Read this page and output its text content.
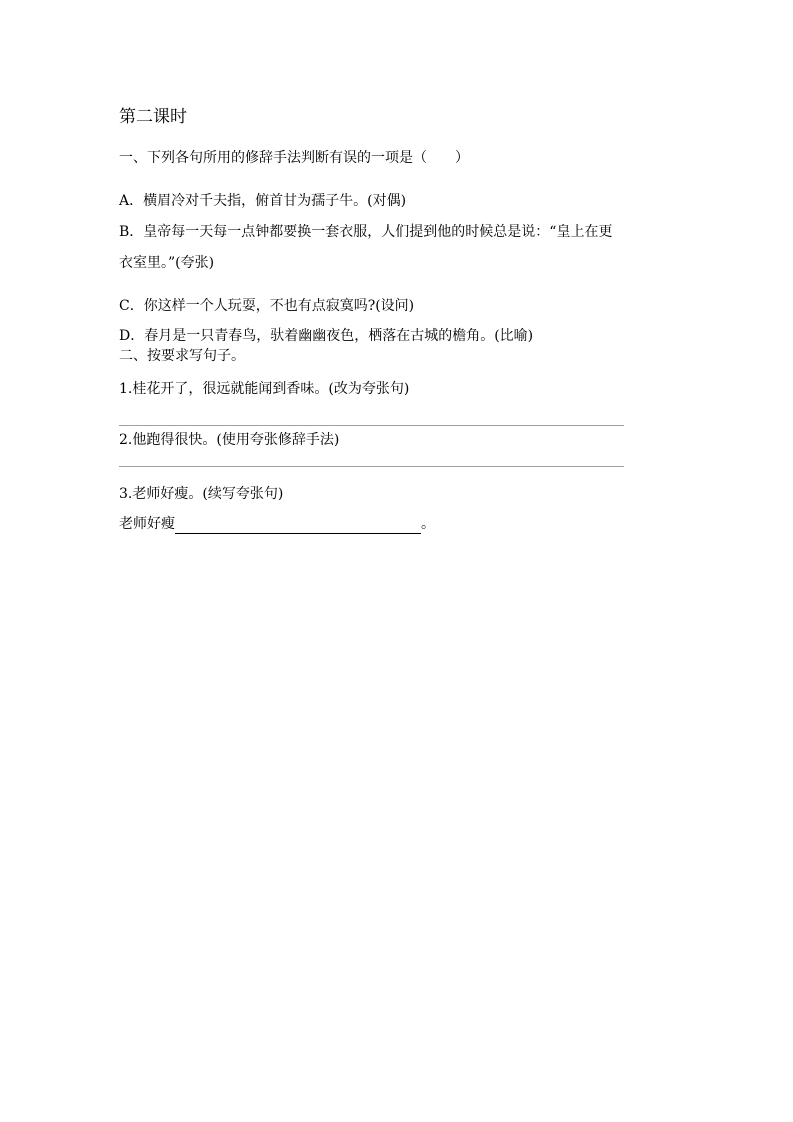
第二课时
一、下列各句所用的修辞手法判断有误的一项是（　　）
A．横眉冷对千夫指，俯首甘为孺子牛。(对偶)
B．皇帝每一天每一点钟都要换一套衣服，人们提到他的时候总是说：“皇上在更
衣室里。”(夸张)
C．你这样一个人玩耍，不也有点寂寞吗?(设问)
D．春月是一只青春鸟，驮着幽幽夜色，栖落在古城的檐角。(比喻)
二、按要求写句子。
1.桂花开了，很远就能闻到香味。(改为夸张句)
2.他跑得很快。(使用夸张修辞手法)
3.老师好瘦。(续写夸张句)
老师好瘦	。
